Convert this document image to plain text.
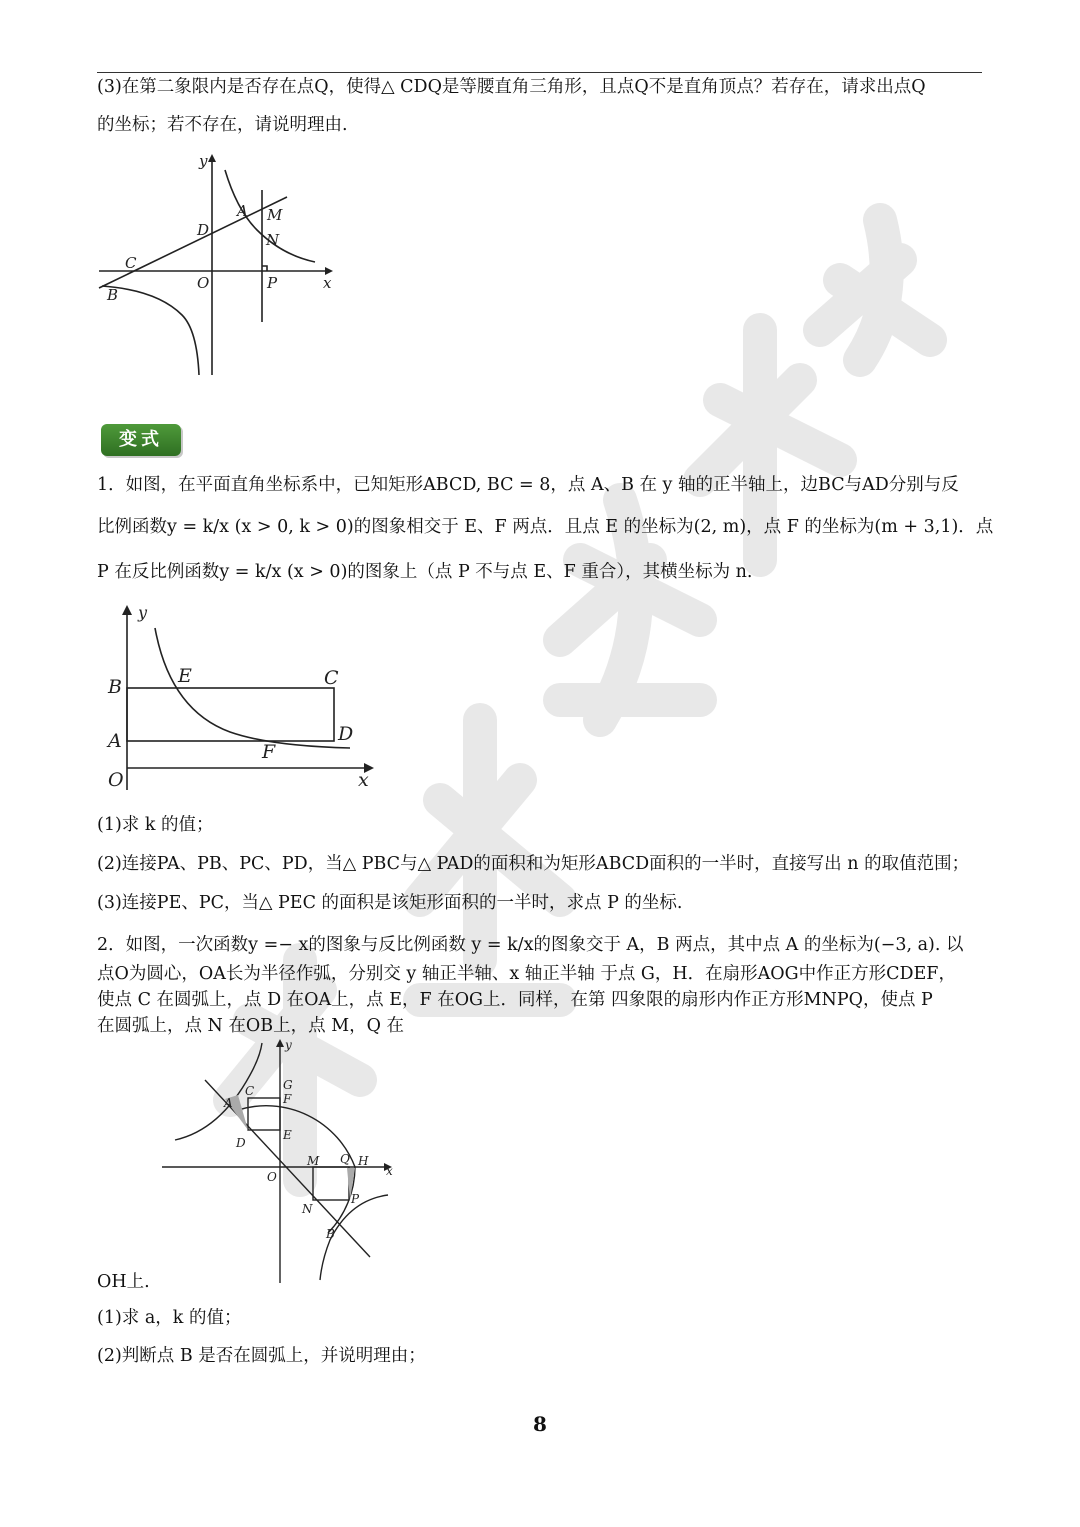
(3)在第二象限内是否存在点Q，使得△ CDQ是等腰直角三角形，且点Q不是直角顶点？若存在，请求出点Q
的坐标；若不存在，请说明理由.
y
A M
D
N
C
O	P	x
B
变式
1．如图，在平面直角坐标系中，已知矩形ABCD, BC = 8，点 A、B 在 y 轴的正半轴上，边BC与AD分别与反
比例函数y = k/x (x > 0, k > 0)的图象相交于 E、F 两点．且点 E 的坐标为(2, m)，点 F 的坐标为(m + 3,1)．点
P 在反比例函数y = k/x (x > 0)的图象上（点 P 不与点 E、F 重合），其横坐标为 n.
y
B	E	C
A	D
F
O	x
(1)求 k 的值；
(2)连接PA、PB、PC、PD，当△ PBC与△ PAD的面积和为矩形ABCD面积的一半时，直接写出 n 的取值范围；
(3)连接PE、PC，当△ PEC 的面积是该矩形面积的一半时，求点 P 的坐标.
2．如图，一次函数y =− x的图象与反比例函数 y = k/x的图象交于 A，B 两点，其中点 A 的坐标为(−3, a). 以
点O为圆心，OA长为半径作弧，分别交 y 轴正半轴、x 轴正半轴 于点 G，H．在扇形AOG中作正方形CDEF，
使点 C 在圆弧上，点 D 在OA上，点 E，F 在OG上．同样，在第 四象限的扇形内作正方形MNPQ，使点 P
在圆弧上，点 N 在OB上，点 M，Q 在
y
G
C
A	F
D
E
M Q H
x
O
N
P
B
OH上.
(1)求 a，k 的值；
(2)判断点 B 是否在圆弧上，并说明理由；
8
